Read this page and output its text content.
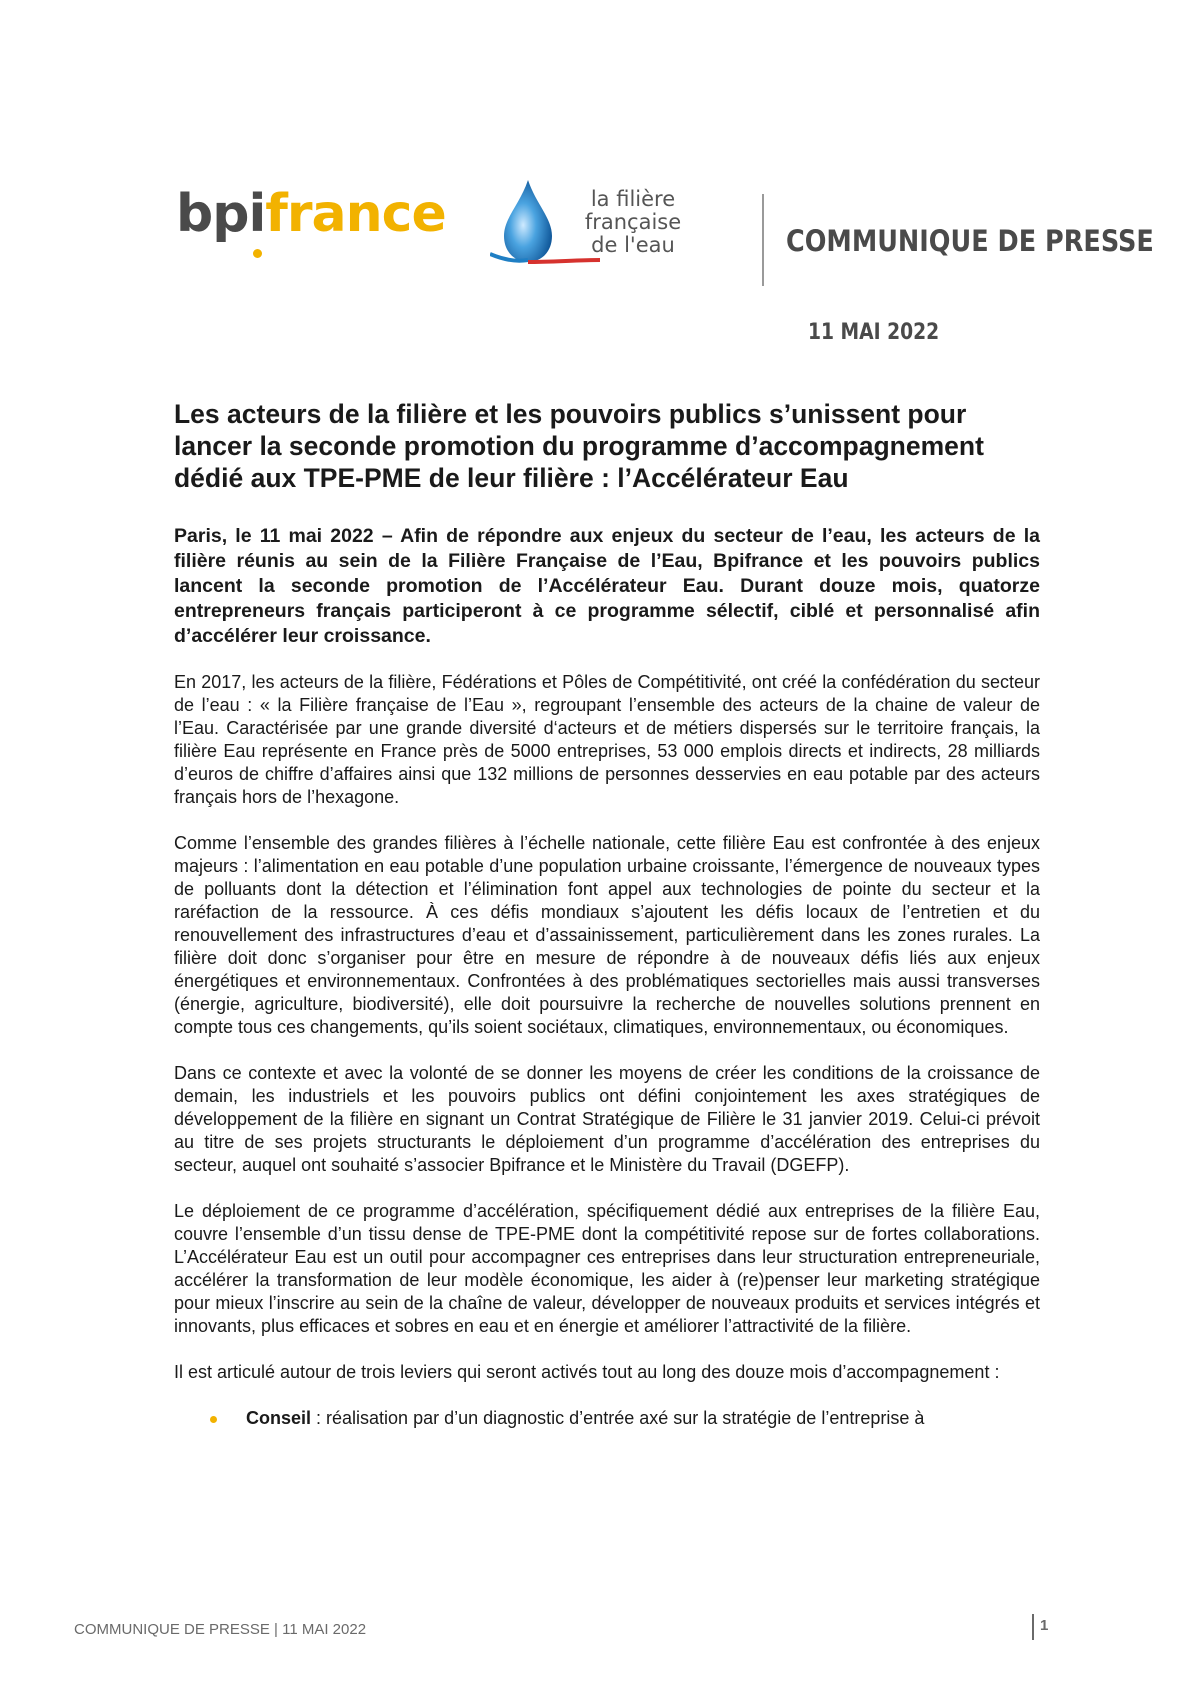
bpifrance	la filière
française
de l'eau	COMMUNIQUE DE PRESSE
11 MAI 2022
Les acteurs de la filière et les pouvoirs publics s’unissent pour lancer la seconde promotion du programme d’accompagnement dédié aux TPE-PME de leur filière : l’Accélérateur Eau

Paris, le 11 mai 2022 – Afin de répondre aux enjeux du secteur de l’eau, les acteurs de la filière réunis au sein de la Filière Française de l’Eau, Bpifrance et les pouvoirs publics lancent la seconde promotion de l’Accélérateur Eau. Durant douze mois, quatorze entrepreneurs français participeront à ce programme sélectif, ciblé et personnalisé afin d’accélérer leur croissance.

En 2017, les acteurs de la filière, Fédérations et Pôles de Compétitivité, ont créé la confédération du secteur de l’eau : « la Filière française de l’Eau », regroupant l’ensemble des acteurs de la chaine de valeur de l’Eau. Caractérisée par une grande diversité d‘acteurs et de métiers dispersés sur le territoire français, la filière Eau représente en France près de 5000 entreprises, 53 000 emplois directs et indirects, 28 milliards d’euros de chiffre d’affaires ainsi que 132 millions de personnes desservies en eau potable par des acteurs français hors de l’hexagone.

Comme l’ensemble des grandes filières à l’échelle nationale, cette filière Eau est confrontée à des enjeux majeurs : l’alimentation en eau potable d’une population urbaine croissante, l’émergence de nouveaux types de polluants dont la détection et l’élimination font appel aux technologies de pointe du secteur et la raréfaction de la ressource. À ces défis mondiaux s’ajoutent les défis locaux de l’entretien et du renouvellement des infrastructures d’eau et d’assainissement, particulièrement dans les zones rurales. La filière doit donc s’organiser pour être en mesure de répondre à de nouveaux défis liés aux enjeux énergétiques et environnementaux. Confrontées à des problématiques sectorielles mais aussi transverses (énergie, agriculture, biodiversité), elle doit poursuivre la recherche de nouvelles solutions prennent en compte tous ces changements, qu’ils soient sociétaux, climatiques, environnementaux, ou économiques.

Dans ce contexte et avec la volonté de se donner les moyens de créer les conditions de la croissance de demain, les industriels et les pouvoirs publics ont défini conjointement les axes stratégiques de développement de la filière en signant un Contrat Stratégique de Filière le 31 janvier 2019. Celui-ci prévoit au titre de ses projets structurants le déploiement d’un programme d’accélération des entreprises du secteur, auquel ont souhaité s’associer Bpifrance et le Ministère du Travail (DGEFP).

Le déploiement de ce programme d’accélération, spécifiquement dédié aux entreprises de la filière Eau, couvre l’ensemble d’un tissu dense de TPE-PME dont la compétitivité repose sur de fortes collaborations. L’Accélérateur Eau est un outil pour accompagner ces entreprises dans leur structuration entrepreneuriale, accélérer la transformation de leur modèle économique, les aider à (re)penser leur marketing stratégique pour mieux l’inscrire au sein de la chaîne de valeur, développer de nouveaux produits et services intégrés et innovants, plus efficaces et sobres en eau et en énergie et améliorer l’attractivité de la filière.

Il est articulé autour de trois leviers qui seront activés tout au long des douze mois d’accompagnement :

Conseil : réalisation par d’un diagnostic d’entrée axé sur la stratégie de l’entreprise à
COMMUNIQUE DE PRESSE | 11 MAI 2022	1
